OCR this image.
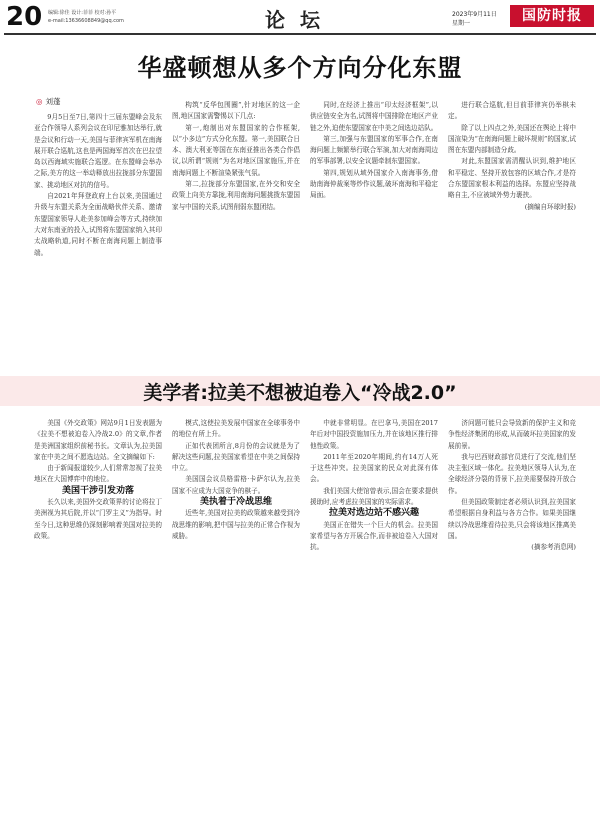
20 编辑:徐佳 设计:菲菲 校对:孙平
e-mail:13636608849@qq.com	论 坛	2023年9月11日
星期一	国防时报
华盛顿想从多个方向分化东盟
◎ 刘蓬

9月5日至7日,第四十三届东盟峰会及东亚合作领导人系列会议在印尼雅加达举行,就是会议和行动一天,美国与菲律宾军机在南海展开联合巡航,这也是两国海军首次在巴拉望岛以西海域实施联合巡逻。在东盟峰会举办之际,美方的这一举动释放出拉拢部分东盟国家、挑动地区对抗的信号。

自2021年拜登政府上台以来,美国通过升级与东盟关系为全面战略伙伴关系、邀请东盟国家领导人赴美参加峰会等方式,持续加大对东南亚的投入,试图将东盟国家纳入其印太战略轨道,同时不断在南海问题上制造事端。

构筑“反华包围圈”,针对地区的这一企图,地区国家需警惕以下几点:

第一,炮制出对东盟国家的合作框架,以“小多边”方式分化东盟。第一,美国联合日本、澳大利亚等国在东南亚推出各类合作倡议,以所谓“规则”为名对地区国家施压,并在南海问题上不断渲染紧张气氛。

第二,拉拢部分东盟国家,在外交和安全政策上向美方靠拢,利用南海问题挑拨东盟国家与中国的关系,试图削弱东盟团结。

同时,在经济上推出“印太经济框架”,以供应链安全为名,试图将中国排除在地区产业链之外,迫使东盟国家在中美之间选边站队。

第三,加强与东盟国家的军事合作,在南海问题上频繁举行联合军演,加大对南海周边的军事部署,以安全议题牵制东盟国家。

第四,规划从域外国家介入南海事务,借助南海仲裁案等炒作议题,破坏南海和平稳定局面。

进行联合巡航,但目前菲律宾仍举棋未定。

除了以上四点之外,美国还在舆论上将中国渲染为“在南海问题上破坏规则”的国家,试图在东盟内部制造分歧。

对此,东盟国家需清醒认识到,维护地区和平稳定、坚持开放包容的区域合作,才是符合东盟国家根本利益的选择。东盟应坚持战略自主,不应被域外势力裹挟。

(摘编自环球时报)

美学者:拉美不想被迫卷入“冷战2.0”

美国《外交政策》网站9月1日发表题为《拉美不想被迫卷入冷战2.0》的文章,作者是美洲国家组织前秘书长。文章认为,拉美国家在中美之间不愿选边站。全文摘编如下:

由于新闻报道较少,人们常常忽视了拉美地区在大国博弈中的地位。

美国干涉引发劝落

长久以来,美国外交政策界的讨论将拉丁美洲视为其后院,并以“门罗主义”为指导。时至今日,这种思维仍深刻影响着美国对拉美的政策。

模式,这使拉美发展中国家在全球事务中的地位有所上升。

正如代表团所言,8月份的会议就是为了解决这些问题,拉美国家希望在中美之间保持中立。

美国国会议员格雷格·卡萨尔认为,拉美国家不应成为大国竞争的棋子。

美执着于冷战思维

近些年,美国对拉美的政策越来越受到冷战思维的影响,把中国与拉美的正常合作视为威胁。

中就非常明显。在巴拿马,美国在2017年后对中国投资施加压力,并在该地区推行排他性政策。

2011年至2020年期间,约有14万人死于这些冲突。拉美国家的民众对此深有体会。

我们美国大使馆曾表示,国会在要求提供援助时,应考虑拉美国家的实际需求。

拉美对选边站不感兴趣

美国正在错失一个巨大的机会。拉美国家希望与各方开展合作,而非被迫卷入大国对抗。

济问题可能只会导致新的保护主义和竞争性经济集团的形成,从而破坏拉美国家的发展前景。

我与巴西财政部官员进行了交流,他们坚决主张区域一体化。拉美地区领导人认为,在全球经济分裂的背景下,拉美需要保持开放合作。

但美国政策制定者必须认识到,拉美国家希望根据自身利益与各方合作。如果美国继续以冷战思维看待拉美,只会将该地区推离美国。

(摘参考消息网)
